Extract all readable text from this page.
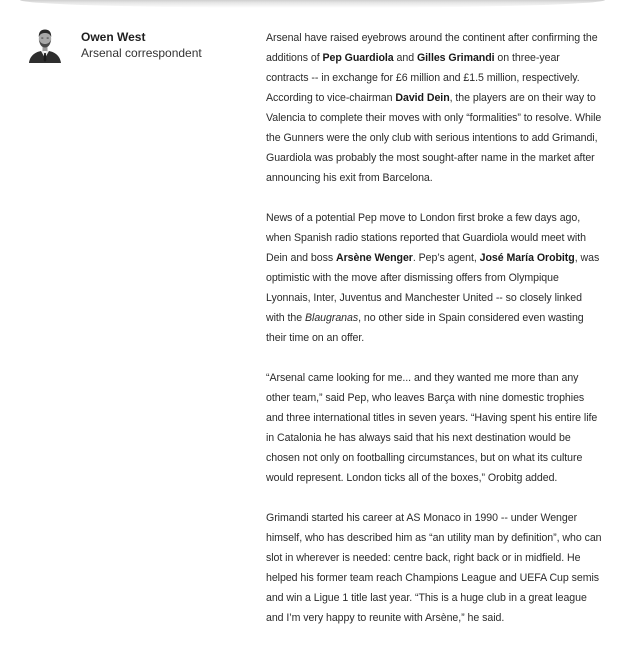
Owen West
Arsenal correspondent

Arsenal have raised eyebrows around the continent after confirming the additions of Pep Guardiola and Gilles Grimandi on three-year contracts -- in exchange for £6 million and £1.5 million, respectively. According to vice-chairman David Dein, the players are on their way to Valencia to complete their moves with only “formalities” to resolve. While the Gunners were the only club with serious intentions to add Grimandi, Guardiola was probably the most sought-after name in the market after announcing his exit from Barcelona.

News of a potential Pep move to London first broke a few days ago, when Spanish radio stations reported that Guardiola would meet with Dein and boss Arsène Wenger. Pep’s agent, José María Orobitg, was optimistic with the move after dismissing offers from Olympique Lyonnais, Inter, Juventus and Manchester United -- so closely linked with the Blaugranas, no other side in Spain considered even wasting their time on an offer.

“Arsenal came looking for me... and they wanted me more than any other team,” said Pep, who leaves Barça with nine domestic trophies and three international titles in seven years. “Having spent his entire life in Catalonia he has always said that his next destination would be chosen not only on footballing circumstances, but on what its culture would represent. London ticks all of the boxes,” Orobitg added.

Grimandi started his career at AS Monaco in 1990 -- under Wenger himself, who has described him as “an utility man by definition”, who can slot in wherever is needed: centre back, right back or in midfield. He helped his former team reach Champions League and UEFA Cup semis and win a Ligue 1 title last year. “This is a huge club in a great league and I’m very happy to reunite with Arsène,” he said.
